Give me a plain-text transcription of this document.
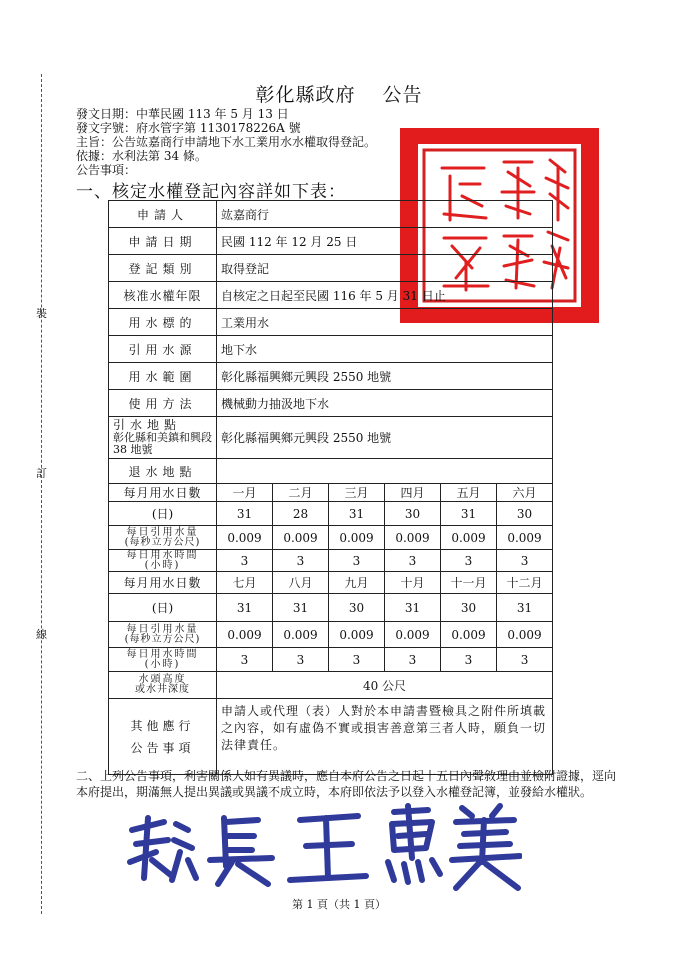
裝
訂
線
彰化縣政府　 公告
發文日期：中華民國 113 年 5 月 13 日
發文字號：府水管字第 1130178226A 號
主旨：公告竑嘉商行申請地下水工業用水水權取得登記。
依據：水利法第 34 條。
公告事項：
一、核定水權登記內容詳如下表：
申請人	竑嘉商行					
申請日期	民國 112 年 12 月 25 日					
登記類別	取得登記					
核准水權年限	自核定之日起至民國 116 年 5 月 31 日止					
用水標的	工業用水					
引用水源	地下水					
用水範圍	彰化縣福興鄉元興段 2550 地號					
使用方法	機械動力抽汲地下水					

引水地點
彰化縣和美鎮和興段 38 地號	彰化縣福興鄉元興段 2550 地號					
退水地點						
每月用水日數	一月	二月	三月	四月	五月	六月
(日)	31	28	31	30	31	30

每日引用水量
(每秒立方公尺)	0.009	0.009	0.009	0.009	0.009	0.009

每日用水時間
(小時)	3	3	3	3	3	3
每月用水日數	七月	八月	九月	十月	十一月	十二月
(日)	31	31	30	31	30	31

每日引用水量
(每秒立方公尺)	0.009	0.009	0.009	0.009	0.009	0.009

每日用水時間
(小時)	3	3	3	3	3	3

水頭高度
或水井深度	40 公尺					

其他應行
公告事項	申請人或代理（表）人對於本申請書暨檢具之附件所填載之內容，如有虛偽不實或損害善意第三者人時，願負一切法律責任。					
二、上列公告事項，利害關係人如有異議時，應自本府公告之日起十五日內聲敘理由並檢附證據，逕向本府提出，期滿無人提出異議或異議不成立時，本府即依法予以登入水權登記簿，並發給水權狀。
第 1 頁（共 1 頁）
